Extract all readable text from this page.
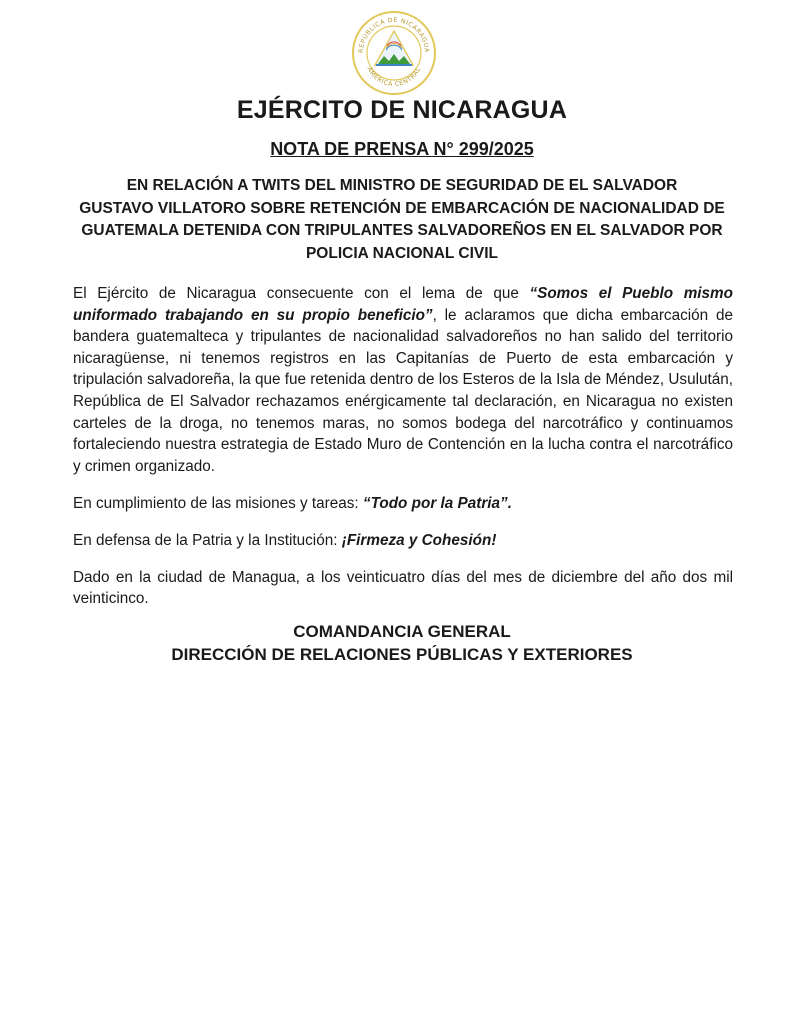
REPÚBLICA DE NICARAGUA
AMÉRICA CENTRAL
EJÉRCITO DE NICARAGUA
NOTA DE PRENSA N° 299/2025
EN RELACIÓN A TWITS DEL MINISTRO DE SEGURIDAD DE EL SALVADOR
GUSTAVO VILLATORO SOBRE RETENCIÓN DE EMBARCACIÓN DE NACIONALIDAD DE
GUATEMALA DETENIDA CON TRIPULANTES SALVADOREÑOS EN EL SALVADOR POR
POLICIA NACIONAL CIVIL

El Ejército de Nicaragua consecuente con el lema de que “Somos el Pueblo mismo uniformado trabajando en su propio beneficio”, le aclaramos que dicha embarcación de bandera guatemalteca y tripulantes de nacionalidad salvadoreños no han salido del territorio nicaragüense, ni tenemos registros en las Capitanías de Puerto de esta embarcación y tripulación salvadoreña, la que fue retenida dentro de los Esteros de la Isla de Méndez, Usulután, República de El Salvador rechazamos enérgicamente tal declaración, en Nicaragua no existen carteles de la droga, no tenemos maras, no somos bodega del narcotráfico y continuamos fortaleciendo nuestra estrategia de Estado Muro de Contención en la lucha contra el narcotráfico y crimen organizado.

En cumplimiento de las misiones y tareas: “Todo por la Patria”.

En defensa de la Patria y la Institución: ¡Firmeza y Cohesión!

Dado en la ciudad de Managua, a los veinticuatro días del mes de diciembre del año dos mil veinticinco.

COMANDANCIA GENERAL
DIRECCIÓN DE RELACIONES PÚBLICAS Y EXTERIORES
